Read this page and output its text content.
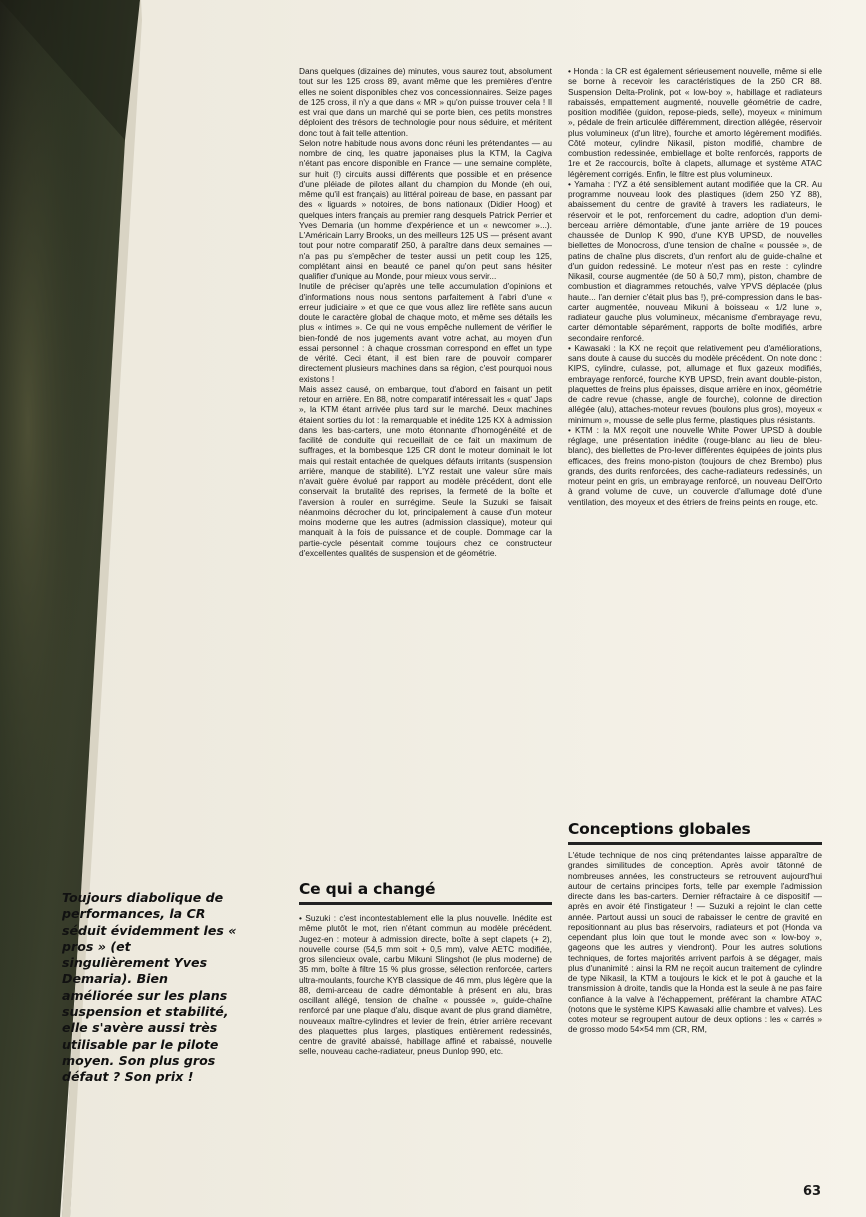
Toujours diabolique de performances, la CR séduit évidemment les « pros » (et singulièrement Yves Demaria). Bien améliorée sur les plans suspension et stabilité, elle s'avère aussi très utilisable par le pilote moyen. Son plus gros défaut ? Son prix !

Dans quelques (dizaines de) minutes, vous saurez tout, absolument tout sur les 125 cross 89, avant même que les premières d'entre elles ne soient disponibles chez vos concessionnaires. Seize pages de 125 cross, il n'y a que dans « MR » qu'on puisse trouver cela ! Il est vrai que dans un marché qui se porte bien, ces petits monstres déploient des trésors de technologie pour nous séduire, et méritent donc tout à fait telle attention.

Selon notre habitude nous avons donc réuni les prétendantes — au nombre de cinq, les quatre japonaises plus la KTM, la Cagiva n'étant pas encore disponible en France — une semaine complète, sur huit (!) circuits aussi différents que possible et en présence d'une pléiade de pilotes allant du champion du Monde (eh oui, même qu'il est français) au littéral poireau de base, en passant par des « liguards » notoires, de bons nationaux (Didier Hoog) et quelques inters français au premier rang desquels Patrick Perrier et Yves Demaria (un homme d'expérience et un « newcomer »...). L'Américain Larry Brooks, un des meilleurs 125 US — présent avant tout pour notre comparatif 250, à paraître dans deux semaines — n'a pas pu s'empêcher de tester aussi un petit coup les 125, complétant ainsi en beauté ce panel qu'on peut sans hésiter qualifier d'unique au Monde, pour mieux vous servir...

Inutile de préciser qu'après une telle accumulation d'opinions et d'informations nous nous sentons parfaitement à l'abri d'une « erreur judiciaire » et que ce que vous allez lire reflète sans aucun doute le caractère global de chaque moto, et même ses détails les plus « intimes ». Ce qui ne vous empêche nullement de vérifier le bien-fondé de nos jugements avant votre achat, au moyen d'un essai personnel : à chaque crossman correspond en effet un type de vérité. Ceci étant, il est bien rare de pouvoir comparer directement plusieurs machines dans sa région, c'est pourquoi nous existons !

Mais assez causé, on embarque, tout d'abord en faisant un petit retour en arrière. En 88, notre comparatif intéressait les « quat' Japs », la KTM étant arrivée plus tard sur le marché. Deux machines étaient sorties du lot : la remarquable et inédite 125 KX à admission dans les bas-carters, une moto étonnante d'homogénéité et de facilité de conduite qui recueillait de ce fait un maximum de suffrages, et la bombesque 125 CR dont le moteur dominait le lot mais qui restait entachée de quelques défauts irritants (suspension arrière, manque de stabilité). L'YZ restait une valeur sûre mais n'avait guère évolué par rapport au modèle précédent, dont elle conservait la brutalité des reprises, la fermeté de la boîte et l'aversion à rouler en surrégime. Seule la Suzuki se faisait néanmoins décrocher du lot, principalement à cause d'un moteur moins moderne que les autres (admission classique), moteur qui manquait à la fois de puissance et de couple. Dommage car la partie-cycle pésentait comme toujours chez ce constructeur d'excellentes qualités de suspension et de géométrie.

Ce qui a changé

• Suzuki : c'est incontestablement elle la plus nouvelle. Inédite est même plutôt le mot, rien n'étant commun au modèle précédent. Jugez-en : moteur à admission directe, boîte à sept clapets (+ 2), nouvelle course (54,5 mm soit + 0,5 mm), valve AETC modifiée, gros silencieux ovale, carbu Mikuni Slingshot (le plus moderne) de 35 mm, boîte à filtre 15 % plus grosse, sélection renforcée, carters ultra-moulants, fourche KYB classique de 46 mm, plus légère que la 88, demi-arceau de cadre démontable à présent en alu, bras oscillant allégé, tension de chaîne « poussée », guide-chaîne renforcé par une plaque d'alu, disque avant de plus grand diamètre, nouveaux maître-cylindres et levier de frein, étrier arrière recevant des plaquettes plus larges, plastiques entièrement redessinés, centre de gravité abaissé, habillage affiné et rabaissé, nouvelle selle, nouveau cache-radiateur, pneus Dunlop 990, etc.

• Honda : la CR est également sérieusement nouvelle, même si elle se borne à recevoir les caractéristiques de la 250 CR 88. Suspension Delta-Prolink, pot « low-boy », habillage et radiateurs rabaissés, empattement augmenté, nouvelle géométrie de cadre, position modifiée (guidon, repose-pieds, selle), moyeux « minimum », pédale de frein articulée différemment, direction allégée, réservoir plus volumineux (d'un litre), fourche et amorto légèrement modifiés. Côté moteur, cylindre Nikasil, piston modifié, chambre de combustion redessinée, embiellage et boîte renforcés, rapports de 1re et 2e raccourcis, boîte à clapets, allumage et système ATAC légèrement corrigés. Enfin, le filtre est plus volumineux.

• Yamaha : l'YZ a été sensiblement autant modifiée que la CR. Au programme nouveau look des plastiques (idem 250 YZ 88), abaissement du centre de gravité à travers les radiateurs, le réservoir et le pot, renforcement du cadre, adoption d'un demi-berceau arrière démontable, d'une jante arrière de 19 pouces chaussée de Dunlop K 990, d'une KYB UPSD, de nouvelles biellettes de Monocross, d'une tension de chaîne « poussée », de patins de chaîne plus discrets, d'un renfort alu de guide-chaîne et d'un guidon redessiné. Le moteur n'est pas en reste : cylindre Nikasil, course augmentée (de 50 à 50,7 mm), piston, chambre de combustion et diagrammes retouchés, valve YPVS déplacée (plus haute... l'an dernier c'était plus bas !), pré-compression dans le bas-carter augmentée, nouveau Mikuni à boisseau « 1/2 lune », radiateur gauche plus volumineux, mécanisme d'embrayage revu, carter démontable séparément, rapports de boîte modifiés, arbre secondaire renforcé.

• Kawasaki : la KX ne reçoit que relativement peu d'améliorations, sans doute à cause du succès du modèle précédent. On note donc : KIPS, cylindre, culasse, pot, allumage et flux gazeux modifiés, embrayage renforcé, fourche KYB UPSD, frein avant double-piston, plaquettes de freins plus épaisses, disque arrière en inox, géométrie de cadre revue (chasse, angle de fourche), colonne de direction allégée (alu), attaches-moteur revues (boulons plus gros), moyeux « minimum », mousse de selle plus ferme, plastiques plus résistants.

• KTM : la MX reçoit une nouvelle White Power UPSD à double réglage, une présentation inédite (rouge-blanc au lieu de bleu-blanc), des biellettes de Pro-lever différentes équipées de joints plus efficaces, des freins mono-piston (toujours de chez Brembo) plus grands, des durits renforcées, des cache-radiateurs redessinés, un moteur peint en gris, un embrayage renforcé, un nouveau Dell'Orto à grand volume de cuve, un couvercle d'allumage doté d'une ventilation, des moyeux et des étriers de freins peints en rouge, etc.

Conceptions globales

L'étude technique de nos cinq prétendantes laisse apparaître de grandes similitudes de conception. Après avoir tâtonné de nombreuses années, les constructeurs se retrouvent aujourd'hui autour de certains principes forts, telle par exemple l'admission directe dans les bas-carters. Dernier réfractaire à ce dispositif — après en avoir été l'instigateur ! — Suzuki a rejoint le clan cette année. Partout aussi un souci de rabaisser le centre de gravité en repositionnant au plus bas réservoirs, radiateurs et pot (Honda va cependant plus loin que tout le monde avec son « low-boy », gageons que les autres y viendront). Pour les autres solutions techniques, de fortes majorités arrivent parfois à se dégager, mais plus d'unanimité : ainsi la RM ne reçoit aucun traitement de cylindre de type Nikasil, la KTM a toujours le kick et le pot à gauche et la transmission à droite, tandis que la Honda est la seule à ne pas faire confiance à la valve à l'échappement, préférant la chambre ATAC (notons que le système KIPS Kawasaki allie chambre et valves). Les cotes moteur se regroupent autour de deux options : les « carrés » de grosso modo 54×54 mm (CR, RM,

63
